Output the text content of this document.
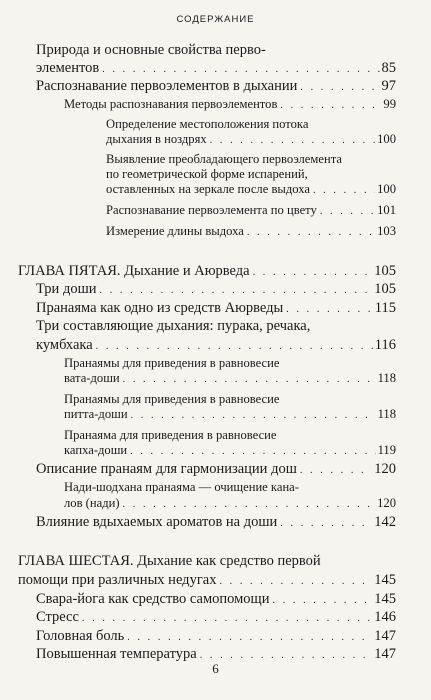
СОДЕРЖАНИЕ
Природа и основные свойства перво-
элементов . . .	85
Распознавание первоэлементов в дыхании . . .	97
Методы распознавания первоэлементов . . .	99
Определение местоположения потока
дыхания в ноздрях . . .	100
Выявление преобладающего первоэлемента
по геометрической форме испарений,
оставленных на зеркале после выдоха . . .	100
Распознавание первоэлемента по цвету . . .	101
Измерение длины выдоха . . .	103
ГЛАВА ПЯТАЯ. Дыхание и Аюрведа . . .	105
Три доши . . .	105
Пранаяма как одно из средств Аюрведы . . .	115
Три составляющие дыхания: пурака, речака,
кумбхака . . .	116
Пранаямы для приведения в равновесие
вата-доши . . .	118
Пранаямы для приведения в равновесие
питта-доши . . .	118
Пранаяма для приведения в равновесие
капха-доши . . .	119
Описание пранаям для гармонизации дош . . .	120
Нади-шодхана пранаяма — очищение кана-
лов (нади) . . .	120
Влияние вдыхаемых ароматов на доши . . .	142
ГЛАВА ШЕСТАЯ. Дыхание как средство первой
помощи при различных недугах . . .	145
Свара-йога как средство самопомощи . . .	145
Стресс . . .	146
Головная боль . . .	147
Повышенная температура . . .	147
6
